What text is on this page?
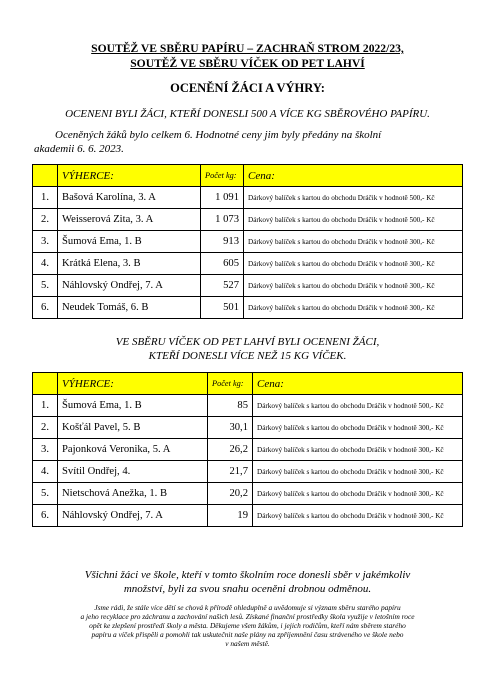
SOUTĚŽ VE SBĚRU PAPÍRU – ZACHRAŇ STROM 2022/23,
SOUTĚŽ VE SBĚRU VÍČEK OD PET LAHVÍ
OCENĚNÍ ŽÁCI A VÝHRY:
OCENENI BYLI ŽÁCI, KTEŘÍ DONESLI 500 A VÍCE KG SBĚROVÉHO PAPÍRU.
Oceněných žáků bylo celkem 6. Hodnotné ceny jim byly předány na školní
akademii 6. 6. 2023.
	VÝHERCE:	Počet kg:	Cena:
1.	Bašová Karolína, 3. A	1 091	Dárkový balíček s kartou do obchodu Dráčik v hodnotě 500,- Kč
2.	Weisserová Zita, 3. A	1 073	Dárkový balíček s kartou do obchodu Dráčik v hodnotě 500,- Kč
3.	Šumová Ema, 1. B	913	Dárkový balíček s kartou do obchodu Dráčik v hodnotě 300,- Kč
4.	Krátká Elena, 3. B	605	Dárkový balíček s kartou do obchodu Dráčik v hodnotě 300,- Kč
5.	Náhlovský Ondřej, 7. A	527	Dárkový balíček s kartou do obchodu Dráčik v hodnotě 300,- Kč
6.	Neudek Tomáš, 6. B	501	Dárkový balíček s kartou do obchodu Dráčik v hodnotě 300,- Kč
VE SBĚRU VÍČEK OD PET LAHVÍ BYLI OCENENI ŽÁCI,
KTEŘÍ DONESLI VÍCE NEŽ 15 KG VÍČEK.
	VÝHERCE:	Počet kg:	Cena:
1.	Šumová Ema, 1. B	85	Dárkový balíček s kartou do obchodu Dráčik v hodnotě 500,- Kč
2.	Košťál Pavel, 5. B	30,1	Dárkový balíček s kartou do obchodu Dráčik v hodnotě 300,- Kč
3.	Pajonková Veronika, 5. A	26,2	Dárkový balíček s kartou do obchodu Dráčik v hodnotě 300,- Kč
4.	Svítil Ondřej, 4.	21,7	Dárkový balíček s kartou do obchodu Dráčik v hodnotě 300,- Kč
5.	Nietschová Anežka, 1. B	20,2	Dárkový balíček s kartou do obchodu Dráčik v hodnotě 300,- Kč
6.	Náhlovský Ondřej, 7. A	19	Dárkový balíček s kartou do obchodu Dráčik v hodnotě 300,- Kč
Všichni žáci ve škole, kteří v tomto školním roce donesli sběr v jakémkoliv
množství, byli za svou snahu oceněni drobnou odměnou.
Jsme rádi, že stále více dětí se chová k přírodě ohleduplně a uvědomuje si význam sběru starého papíru
a jeho recyklace pro záchranu a zachování našich lesů. Získané finanční prostředky škola využije v letošním roce
opět ke zlepšení prostředí školy a města. Děkujeme všem žákům, i jejich rodičům, kteří nám sběrem starého
papíru a víček přispěli a pomohli tak uskutečnit naše plány na zpříjemnění času stráveného ve škole nebo
v našem městě.
